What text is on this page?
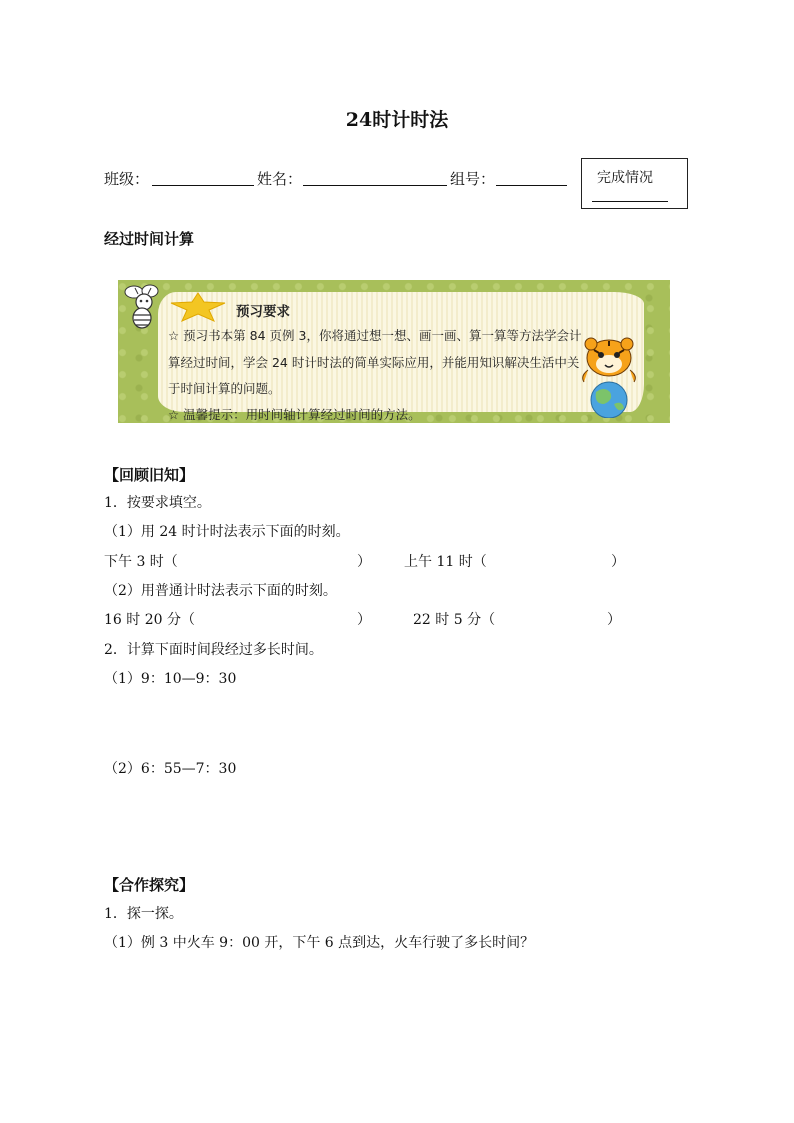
24时计时法
班级：	姓名：	组号：	完成情况
经过时间计算
预习要求
☆ 预习书本第 84 页例 3，你将通过想一想、画一画、算一算等方法学会计
算经过时间，学会 24 时计时法的简单实际应用，并能用知识解决生活中关
于时间计算的问题。
☆ 温馨提示：用时间轴计算经过时间的方法。
【回顾旧知】
1．按要求填空。
（1）用 24 时计时法表示下面的时刻。
下午 3 时（	） 上午 11 时（	）
（2）用普通计时法表示下面的时刻。
16 时 20 分（	）	22 时 5 分（	）
2．计算下面时间段经过多长时间。
（1）9：10—9：30
（2）6：55—7：30
【合作探究】
1．探一探。
（1）例 3 中火车 9：00 开，下午 6 点到达，火车行驶了多长时间？
